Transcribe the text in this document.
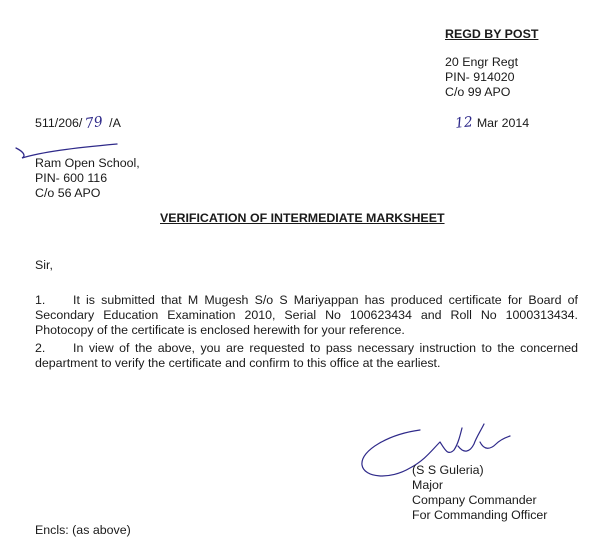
REGD BY POST
20 Engr Regt
PIN- 914020
C/o 99 APO
511/206/ 79 /A	12 Mar 2014
Ram Open School,
PIN- 600 116
C/o 56 APO
VERIFICATION OF INTERMEDIATE MARKSHEET
Sir,
1. It is submitted that M Mugesh S/o S Mariyappan has produced certificate for Board of Secondary Education Examination 2010, Serial No 100623434 and Roll No 1000313434. Photocopy of the certificate is enclosed herewith for your reference.
2. In view of the above, you are requested to pass necessary instruction to the concerned department to verify the certificate and confirm to this office at the earliest.
(S S Guleria)
Major
Company Commander
For Commanding Officer
Encls: (as above)
